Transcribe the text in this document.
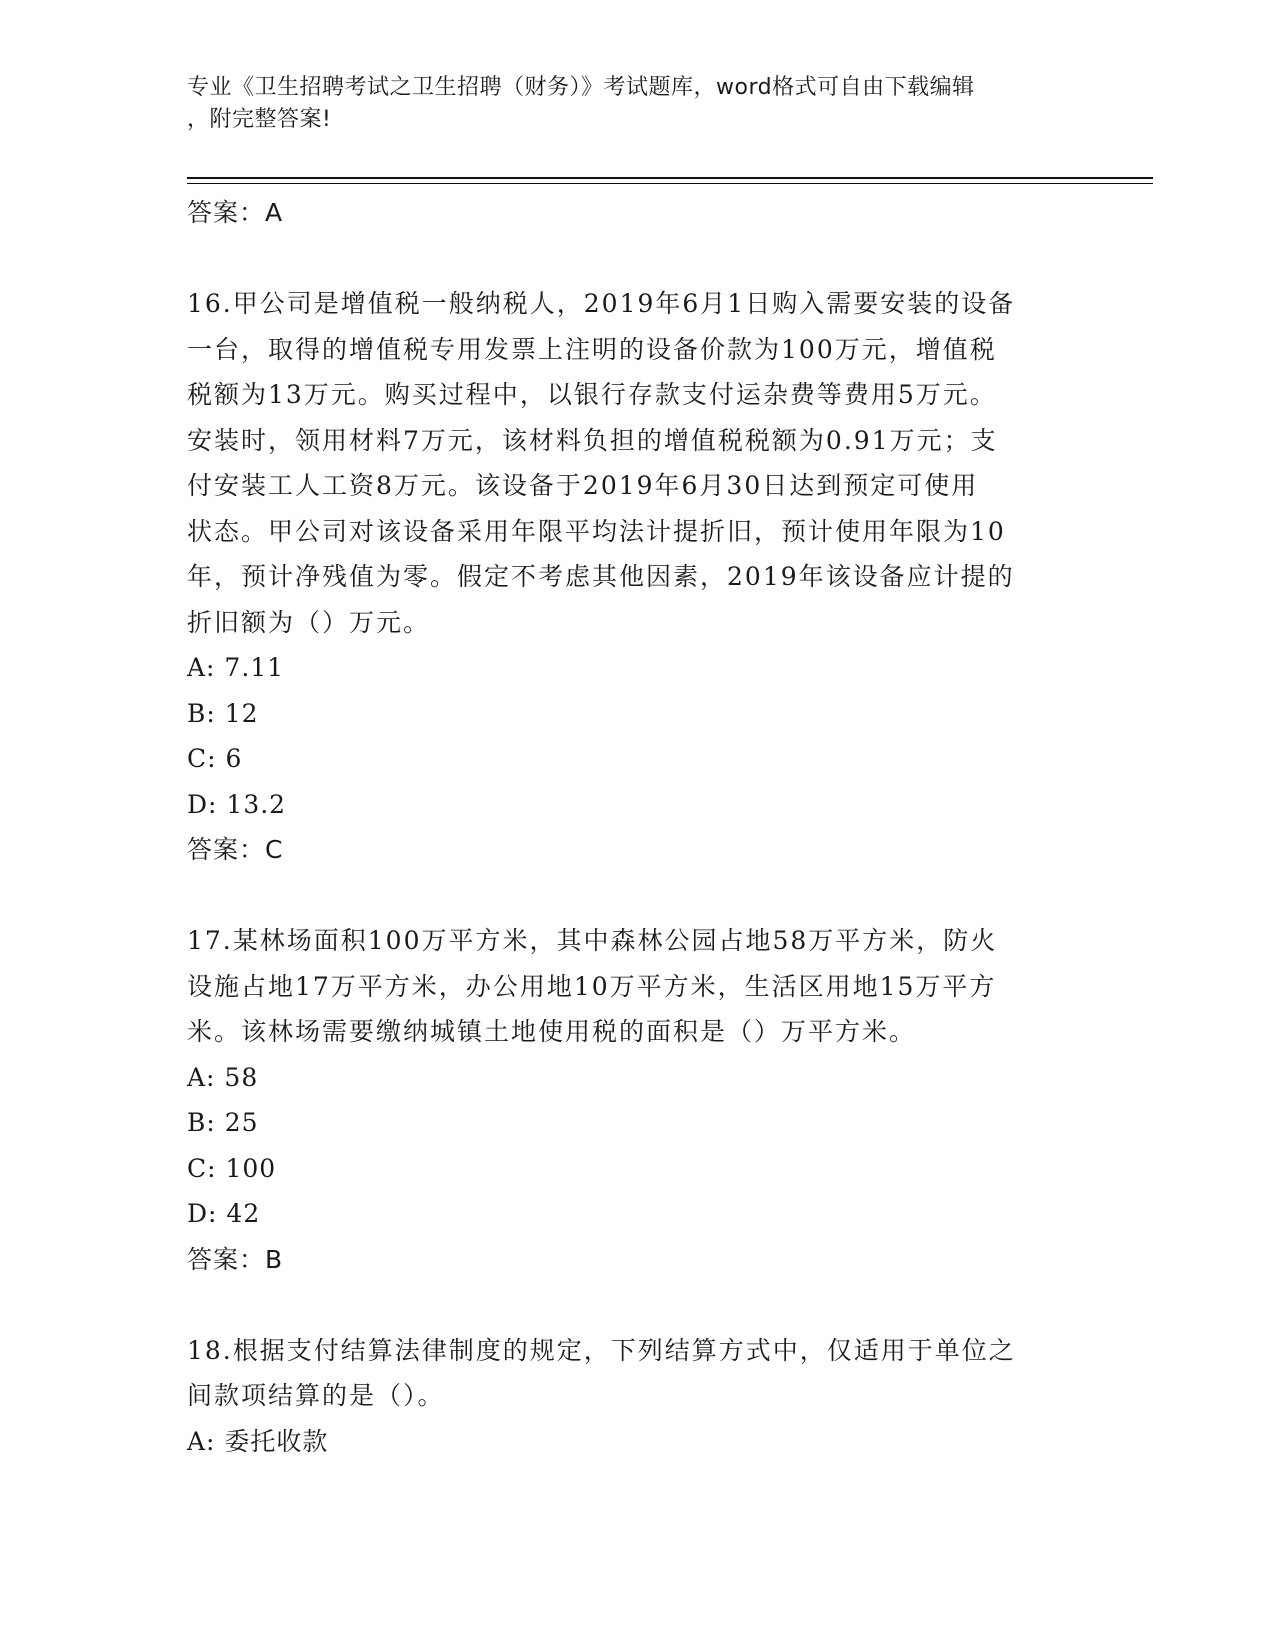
专业《卫生招聘考试之卫生招聘（财务）》考试题库，word格式可自由下载编辑
，附完整答案!
答案：A
16.甲公司是增值税一般纳税人，2019年6月1日购入需要安装的设备
一台，取得的增值税专用发票上注明的设备价款为100万元，增值税
税额为13万元。购买过程中，以银行存款支付运杂费等费用5万元。
安装时，领用材料7万元，该材料负担的增值税税额为0.91万元；支
付安装工人工资8万元。该设备于2019年6月30日达到预定可使用
状态。甲公司对该设备采用年限平均法计提折旧，预计使用年限为10
年，预计净残值为零。假定不考虑其他因素，2019年该设备应计提的
折旧额为（）万元。
A: 7.11
B: 12
C: 6
D: 13.2
答案：C
17.某林场面积100万平方米，其中森林公园占地58万平方米，防火
设施占地17万平方米，办公用地10万平方米，生活区用地15万平方
米。该林场需要缴纳城镇土地使用税的面积是（）万平方米。
A: 58
B: 25
C: 100
D: 42
答案：B
18.根据支付结算法律制度的规定，下列结算方式中，仅适用于单位之
间款项结算的是（）。
A: 委托收款
